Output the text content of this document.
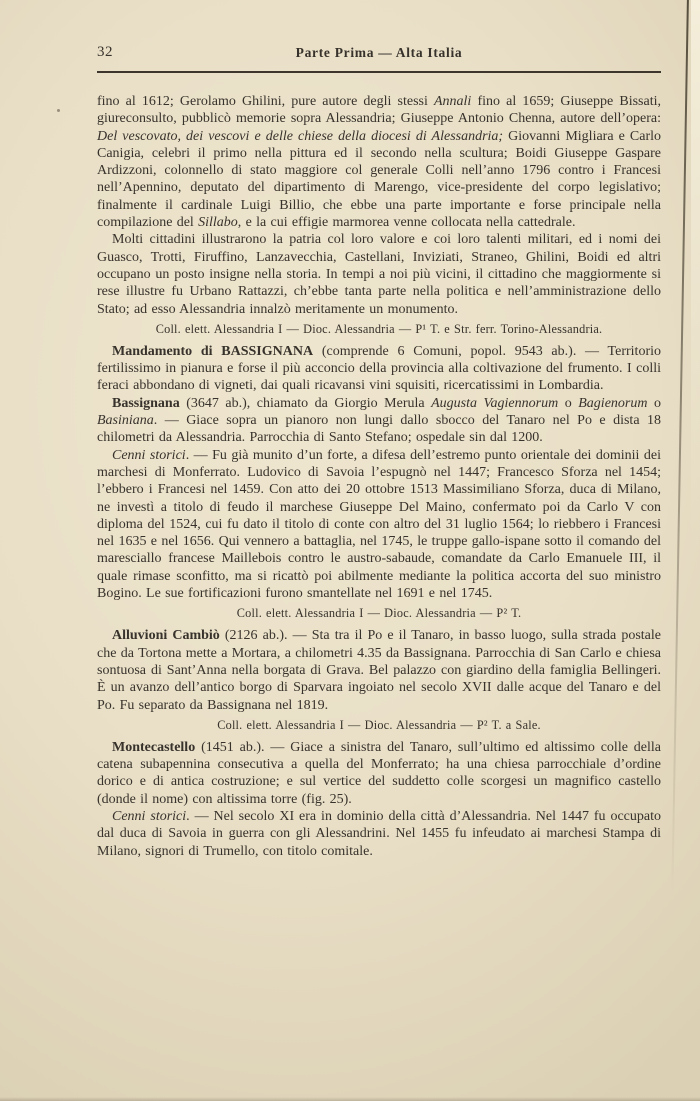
32	Parte Prima — Alta Italia

fino al 1612; Gerolamo Ghilini, pure autore degli stessi Annali fino al 1659; Giuseppe Bissati, giureconsulto, pubblicò memorie sopra Alessandria; Giuseppe Antonio Chenna, autore dell’opera: Del vescovato, dei vescovi e delle chiese della diocesi di Alessandria; Giovanni Migliara e Carlo Canigia, celebri il primo nella pittura ed il secondo nella scultura; Boidi Giuseppe Gaspare Ardizzoni, colonnello di stato maggiore col generale Colli nell’anno 1796 contro i Francesi nell’Apennino, deputato del dipartimento di Marengo, vice-presidente del corpo legislativo; finalmente il cardinale Luigi Billio, che ebbe una parte importante e forse principale nella compilazione del Sillabo, e la cui effigie marmorea venne collocata nella cattedrale.

Molti cittadini illustrarono la patria col loro valore e coi loro talenti militari, ed i nomi dei Guasco, Trotti, Firuffino, Lanzavecchia, Castellani, Inviziati, Straneo, Ghilini, Boidi ed altri occupano un posto insigne nella storia. In tempi a noi più vicini, il cittadino che maggiormente si rese illustre fu Urbano Rattazzi, ch’ebbe tanta parte nella politica e nell’amministrazione dello Stato; ad esso Alessandria innalzò meritamente un monumento.

Coll. elett. Alessandria I — Dioc. Alessandria — P¹ T. e Str. ferr. Torino-Alessandria.

Mandamento di BASSIGNANA (comprende 6 Comuni, popol. 9543 ab.). — Territorio fertilissimo in pianura e forse il più acconcio della provincia alla coltivazione del frumento. I colli feraci abbondano di vigneti, dai quali ricavansi vini squisiti, ricercatissimi in Lombardia.

Bassignana (3647 ab.), chiamato da Giorgio Merula Augusta Vagiennorum o Bagienorum o Basiniana. — Giace sopra un pianoro non lungi dallo sbocco del Tanaro nel Po e dista 18 chilometri da Alessandria. Parrocchia di Santo Stefano; ospedale sin dal 1200.

Cenni storici. — Fu già munito d’un forte, a difesa dell’estremo punto orientale dei dominii dei marchesi di Monferrato. Ludovico di Savoia l’espugnò nel 1447; Francesco Sforza nel 1454; l’ebbero i Francesi nel 1459. Con atto dei 20 ottobre 1513 Massimiliano Sforza, duca di Milano, ne investì a titolo di feudo il marchese Giuseppe Del Maino, confermato poi da Carlo V con diploma del 1524, cui fu dato il titolo di conte con altro del 31 luglio 1564; lo riebbero i Francesi nel 1635 e nel 1656. Qui vennero a battaglia, nel 1745, le truppe gallo-ispane sotto il comando del maresciallo francese Maillebois contro le austro-sabaude, comandate da Carlo Emanuele III, il quale rimase sconfitto, ma si ricattò poi abilmente mediante la politica accorta del suo ministro Bogino. Le sue fortificazioni furono smantellate nel 1691 e nel 1745.

Coll. elett. Alessandria I — Dioc. Alessandria — P² T.

Alluvioni Cambiò (2126 ab.). — Sta tra il Po e il Tanaro, in basso luogo, sulla strada postale che da Tortona mette a Mortara, a chilometri 4.35 da Bassignana. Parrocchia di San Carlo e chiesa sontuosa di Sant’Anna nella borgata di Grava. Bel palazzo con giardino della famiglia Bellingeri. È un avanzo dell’antico borgo di Sparvara ingoiato nel secolo XVII dalle acque del Tanaro e del Po. Fu separato da Bassignana nel 1819.

Coll. elett. Alessandria I — Dioc. Alessandria — P² T. a Sale.

Montecastello (1451 ab.). — Giace a sinistra del Tanaro, sull’ultimo ed altissimo colle della catena subapennina consecutiva a quella del Monferrato; ha una chiesa parrocchiale d’ordine dorico e di antica costruzione; e sul vertice del suddetto colle scorgesi un magnifico castello (donde il nome) con altissima torre (fig. 25).

Cenni storici. — Nel secolo XI era in dominio della città d’Alessandria. Nel 1447 fu occupato dal duca di Savoia in guerra con gli Alessandrini. Nel 1455 fu infeudato ai marchesi Stampa di Milano, signori di Trumello, con titolo comitale.
